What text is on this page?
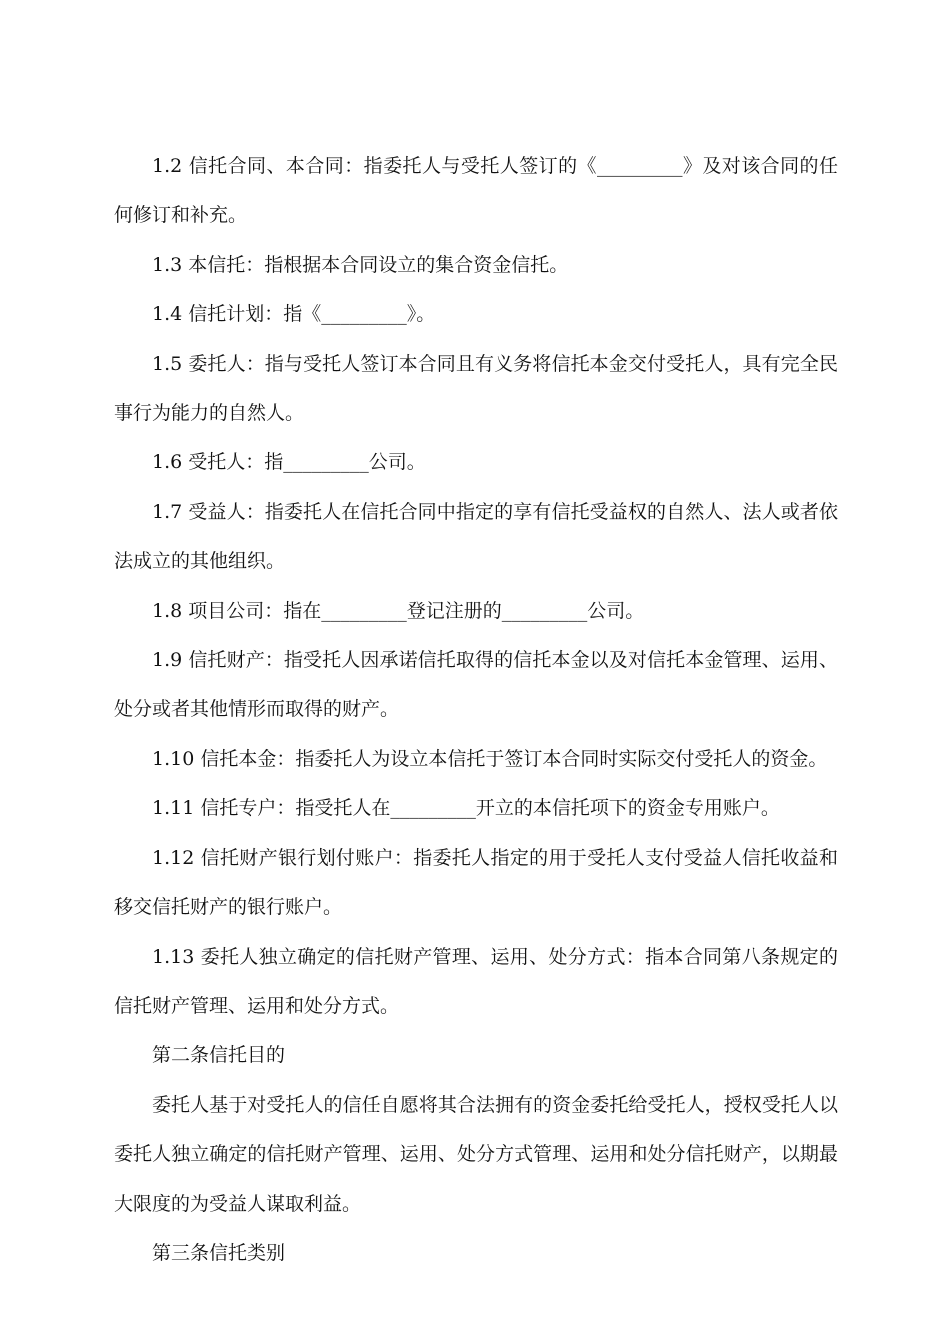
1.2 信托合同、本合同：指委托人与受托人签订的《_________》及对该合同的任何修订和补充。

1.3 本信托：指根据本合同设立的集合资金信托。

1.4 信托计划：指《_________》。

1.5 委托人：指与受托人签订本合同且有义务将信托本金交付受托人，具有完全民事行为能力的自然人。

1.6 受托人：指_________公司。

1.7 受益人：指委托人在信托合同中指定的享有信托受益权的自然人、法人或者依法成立的其他组织。

1.8 项目公司：指在_________登记注册的_________公司。

1.9 信托财产：指受托人因承诺信托取得的信托本金以及对信托本金管理、运用、处分或者其他情形而取得的财产。

1.10 信托本金：指委托人为设立本信托于签订本合同时实际交付受托人的资金。

1.11 信托专户：指受托人在_________开立的本信托项下的资金专用账户。

1.12 信托财产银行划付账户：指委托人指定的用于受托人支付受益人信托收益和移交信托财产的银行账户。

1.13 委托人独立确定的信托财产管理、运用、处分方式：指本合同第八条规定的信托财产管理、运用和处分方式。

第二条信托目的

委托人基于对受托人的信任自愿将其合法拥有的资金委托给受托人，授权受托人以委托人独立确定的信托财产管理、运用、处分方式管理、运用和处分信托财产，以期最大限度的为受益人谋取利益。

第三条信托类别
